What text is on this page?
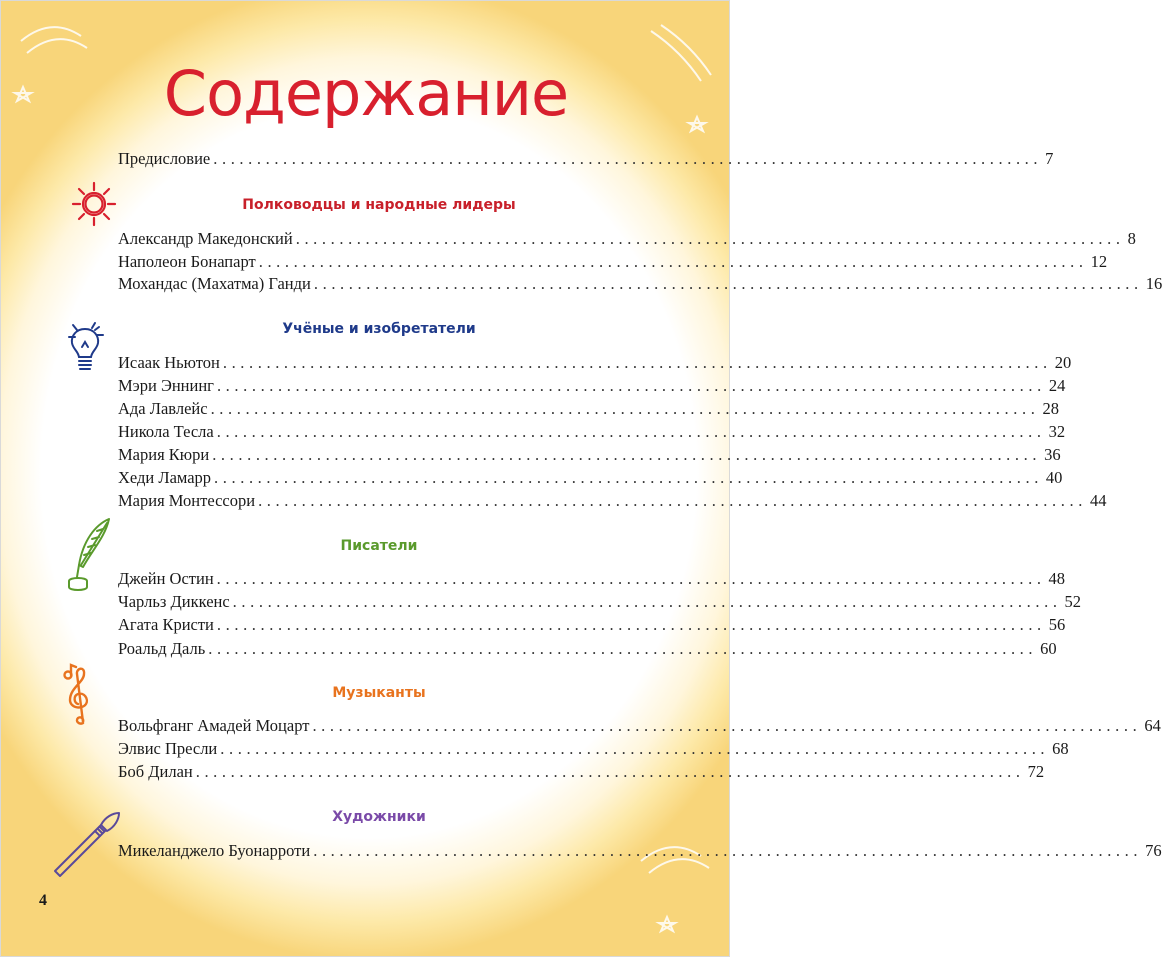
Содержание
Предисловие ............................................................................................... 7
Полководцы и народные лидеры
Александр Македонский ............................................................................................... 8
Наполеон Бонапарт ............................................................................................... 12
Мохандас (Махатма) Ганди ............................................................................................... 16
Учёные и изобретатели
Исаак Ньютон ............................................................................................... 20
Мэри Эннинг ............................................................................................... 24
Ада Лавлейс ............................................................................................... 28
Никола Тесла ............................................................................................... 32
Мария Кюри ............................................................................................... 36
Хеди Ламарр ............................................................................................... 40
Мария Монтессори ............................................................................................... 44
Писатели
Джейн Остин ............................................................................................... 48
Чарльз Диккенс ............................................................................................... 52
Агата Кристи ............................................................................................... 56
Роальд Даль ............................................................................................... 60
Музыканты
Вольфганг Амадей Моцарт ............................................................................................... 64
Элвис Пресли ............................................................................................... 68
Боб Дилан ............................................................................................... 72
Художники
Микеланджело Буонарроти ............................................................................................... 76
4
